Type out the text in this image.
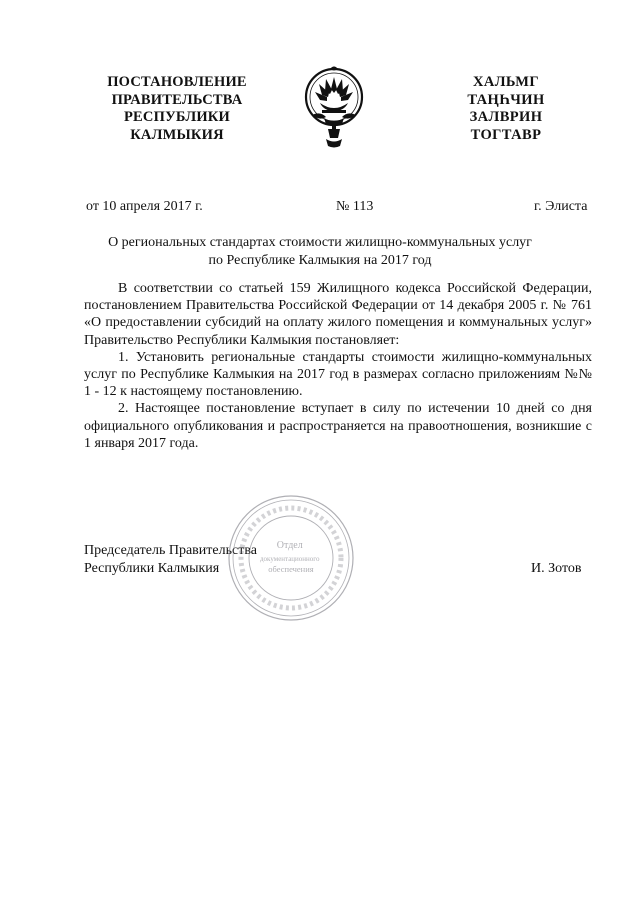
ПОСТАНОВЛЕНИЕ
ПРАВИТЕЛЬСТВА
РЕСПУБЛИКИ
КАЛМЫКИЯ
ХАЛЬМГ
ТАҢҺЧИН
ЗАЛВРИН
ТОГТАВР
от 10 апреля 2017 г.	№ 113	г. Элиста
О региональных стандартах стоимости жилищно-коммунальных услуг
по Республике Калмыкия на 2017 год

В соответствии со статьей 159 Жилищного кодекса Российской Федерации, постановлением Правительства Российской Федерации от 14 декабря 2005 г. № 761 «О предоставлении субсидий на оплату жилого помещения и коммунальных услуг» Правительство Республики Калмыкия постановляет:

1. Установить региональные стандарты стоимости жилищно-коммунальных услуг по Республике Калмыкия на 2017 год в размерах согласно приложениям №№ 1 - 12 к настоящему постановлению.

2. Настоящее постановление вступает в силу по истечении 10 дней со дня официального опубликования и распространяется на правоотношения, возникшие с 1 января 2017 года.

Председатель Правительства
Республики Калмыкия	И. Зотов
Отдел документационного обеспечения
